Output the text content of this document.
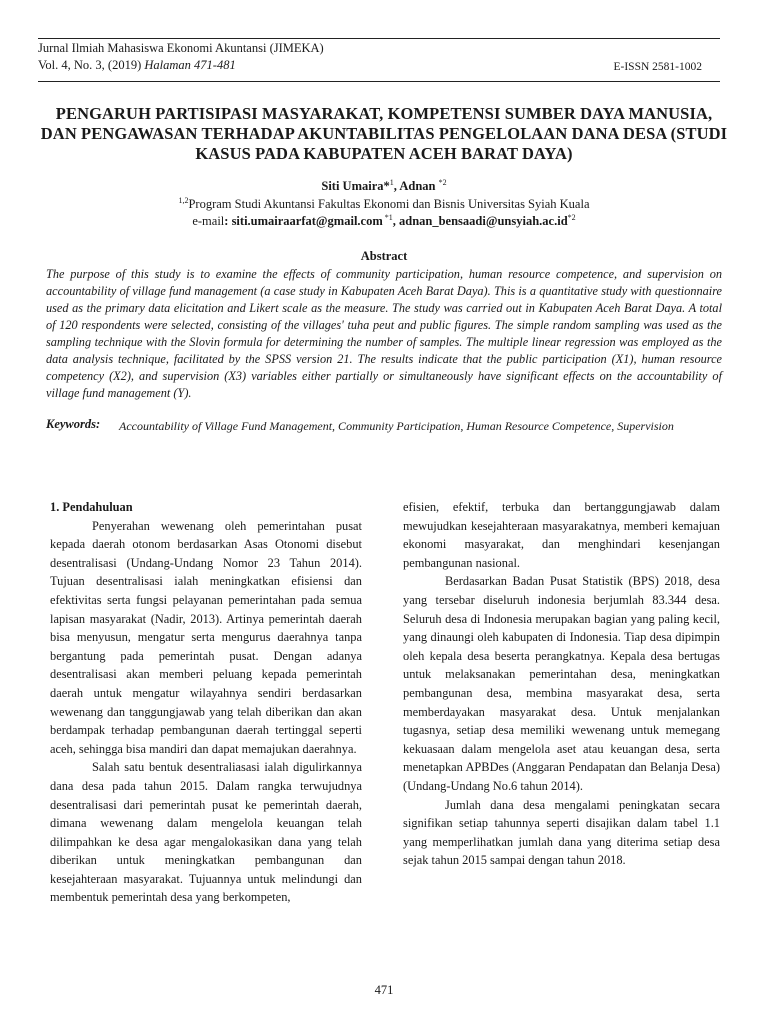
Jurnal Ilmiah Mahasiswa Ekonomi Akuntansi (JIMEKA)
Vol. 4, No. 3, (2019) Halaman 471-481	E-ISSN 2581-1002
PENGARUH PARTISIPASI MASYARAKAT, KOMPETENSI SUMBER DAYA MANUSIA, DAN PENGAWASAN TERHADAP AKUNTABILITAS PENGELOLAAN DANA DESA (STUDI KASUS PADA KABUPATEN ACEH BARAT DAYA)
Siti Umaira*$^1$, Adnan $^{*2}$
$^{1,2}$Program Studi Akuntansi Fakultas Ekonomi dan Bisnis Universitas Syiah Kuala
e-mail: siti.umairaarfat@gmail.com $^{*1}$, $adnan\_bensaadi@unsyiah.ac.id^{*2}$
Abstract
The purpose of this study is to examine the effects of community participation, human resource competence, and supervision on accountability of village fund management (a case study in Kabupaten Aceh Barat Daya). This is a quantitative study with questionnaire used as the primary data elicitation and Likert scale as the measure. The study was carried out in Kabupaten Aceh Barat Daya. A total of 120 respondents were selected, consisting of the villages' tuha peut and public figures. The simple random sampling was used as the sampling technique with the Slovin formula for determining the number of samples. The multiple linear regression was employed as the data analysis technique, facilitated by the SPSS version 21. The results indicate that the public participation (X1), human resource competency (X2), and supervision (X3) variables either partially or simultaneously have significant effects on the accountability of village fund management (Y).
Keywords: Accountability of Village Fund Management, Community Participation, Human Resource Competence, Supervision

1. Pendahuluan

Penyerahan wewenang oleh pemerintahan pusat kepada daerah otonom berdasarkan Asas Otonomi disebut desentralisasi (Undang-Undang Nomor 23 Tahun 2014). Tujuan desentralisasi ialah meningkatkan efisiensi dan efektivitas serta fungsi pelayanan pemerintahan pada semua lapisan masyarakat (Nadir, 2013). Artinya pemerintah daerah bisa menyusun, mengatur serta mengurus daerahnya tanpa bergantung pada pemerintah pusat. Dengan adanya desentralisasi akan memberi peluang kepada pemerintah daerah untuk mengatur wilayahnya sendiri berdasarkan wewenang dan tanggungjawab yang telah diberikan dan akan berdampak terhadap pembangunan daerah tertinggal seperti aceh, sehingga bisa mandiri dan dapat memajukan daerahnya.

Salah satu bentuk desentraliasasi ialah digulirkannya dana desa pada tahun 2015. Dalam rangka terwujudnya desentralisasi dari pemerintah pusat ke pemerintah daerah, dimana wewenang dalam mengelola keuangan telah dilimpahkan ke desa agar mengalokasikan dana yang telah diberikan untuk meningkatkan pembangunan dan kesejahteraan masyarakat. Tujuannya untuk melindungi dan membentuk pemerintah desa yang berkompeten,

efisien, efektif, terbuka dan bertanggungjawab dalam mewujudkan kesejahteraan masyarakatnya, memberi kemajuan ekonomi masyarakat, dan menghindari kesenjangan pembangunan nasional.

Berdasarkan Badan Pusat Statistik (BPS) 2018, desa yang tersebar diseluruh indonesia berjumlah 83.344 desa. Seluruh desa di Indonesia merupakan bagian yang paling kecil, yang dinaungi oleh kabupaten di Indonesia. Tiap desa dipimpin oleh kepala desa beserta perangkatnya. Kepala desa bertugas untuk melaksanakan pemerintahan desa, meningkatkan pembangunan desa, membina masyarakat desa, serta memberdayakan masyarakat desa. Untuk menjalankan tugasnya, setiap desa memiliki wewenang untuk memegang kekuasaan dalam mengelola aset atau keuangan desa, serta menetapkan APBDes (Anggaran Pendapatan dan Belanja Desa) (Undang-Undang No.6 tahun 2014).

Jumlah dana desa mengalami peningkatan secara signifikan setiap tahunnya seperti disajikan dalam tabel 1.1 yang memperlihatkan jumlah dana yang diterima setiap desa sejak tahun 2015 sampai dengan tahun 2018.

471
